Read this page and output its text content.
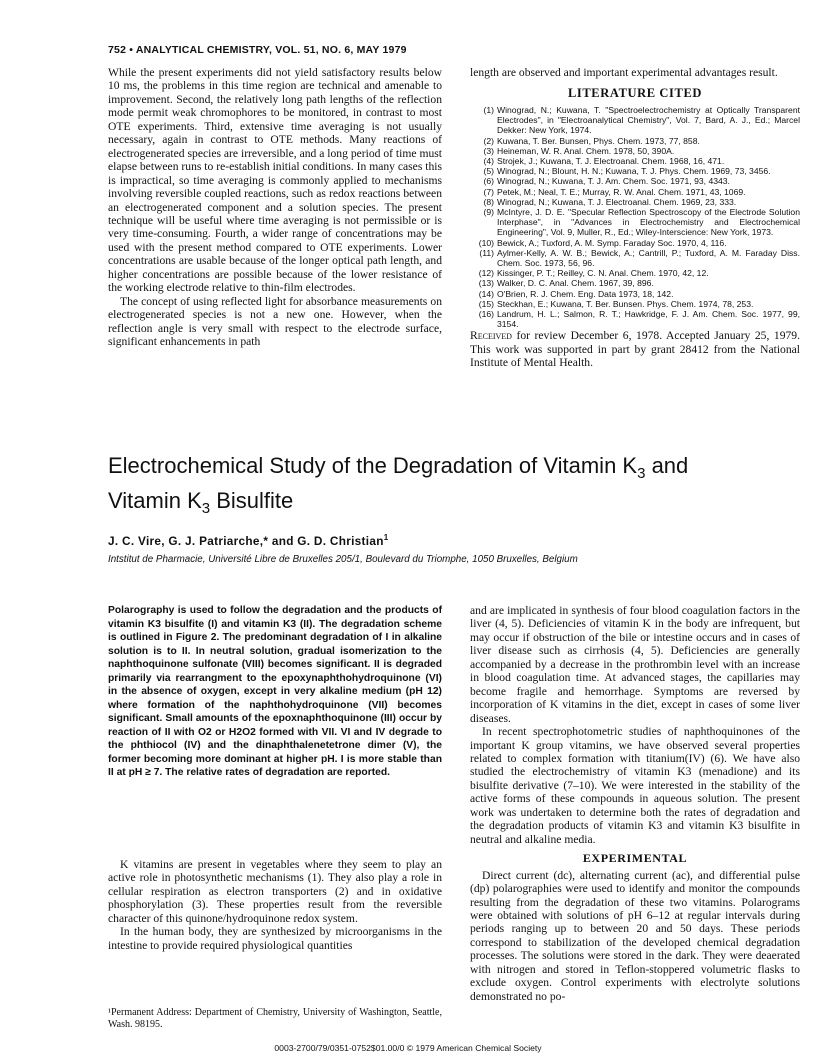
752 • ANALYTICAL CHEMISTRY, VOL. 51, NO. 6, MAY 1979

While the present experiments did not yield satisfactory results below 10 ms, the problems in this time region are technical and amenable to improvement. Second, the relatively long path lengths of the reflection mode permit weak chromophores to be monitored, in contrast to most OTE experiments. Third, extensive time averaging is not usually necessary, again in contrast to OTE methods. Many reactions of electrogenerated species are irreversible, and a long period of time must elapse between runs to re-establish initial conditions. In many cases this is impractical, so time averaging is commonly applied to mechanisms involving reversible coupled reactions, such as redox reactions between an electrogenerated component and a solution species. The present technique will be useful where time averaging is not permissible or is very time-consuming. Fourth, a wider range of concentrations may be used with the present method compared to OTE experiments. Lower concentrations are usable because of the longer optical path length, and higher concentrations are possible because of the lower resistance of the working electrode relative to thin-film electrodes.

The concept of using reflected light for absorbance measurements on electrogenerated species is not a new one. However, when the reflection angle is very small with respect to the electrode surface, significant enhancements in path

length are observed and important experimental advantages result.

LITERATURE CITED
(1) Winograd, N.; Kuwana, T. "Spectroelectrochemistry at Optically Transparent Electrodes", in "Electroanalytical Chemistry", Vol. 7, Bard, A. J., Ed.; Marcel Dekker: New York, 1974.
(2) Kuwana, T. Ber. Bunsen, Phys. Chem. 1973, 77, 858.
(3) Heineman, W. R. Anal. Chem. 1978, 50, 390A.
(4) Strojek, J.; Kuwana, T. J. Electroanal. Chem. 1968, 16, 471.
(5) Winograd, N.; Blount, H. N.; Kuwana, T. J. Phys. Chem. 1969, 73, 3456.
(6) Winograd, N.; Kuwana, T. J. Am. Chem. Soc. 1971, 93, 4343.
(7) Petek, M.; Neal, T. E.; Murray, R. W. Anal. Chem. 1971, 43, 1069.
(8) Winograd, N.; Kuwana, T. J. Electroanal. Chem. 1969, 23, 333.
(9) McIntyre, J. D. E. "Specular Reflection Spectroscopy of the Electrode Solution Interphase", in "Advances in Electrochemistry and Electrochemical Engineering", Vol. 9, Muller, R., Ed.; Wiley-Interscience: New York, 1973.
(10) Bewick, A.; Tuxford, A. M. Symp. Faraday Soc. 1970, 4, 116.
(11) Aylmer-Kelly, A. W. B.; Bewick, A.; Cantrill, P.; Tuxford, A. M. Faraday Diss. Chem. Soc. 1973, 56, 96.
(12) Kissinger, P. T.; Reilley, C. N. Anal. Chem. 1970, 42, 12.
(13) Walker, D. C. Anal. Chem. 1967, 39, 896.
(14) O'Brien, R. J. Chem. Eng. Data 1973, 18, 142.
(15) Steckhan, E.; Kuwana, T. Ber. Bunsen. Phys. Chem. 1974, 78, 253.
(16) Landrum, H. L.; Salmon, R. T.; Hawkridge, F. J. Am. Chem. Soc. 1977, 99, 3154.

Received for review December 6, 1978. Accepted January 25, 1979. This work was supported in part by grant 28412 from the National Institute of Mental Health.

Electrochemical Study of the Degradation of Vitamin $K_3$ and
Vitamin $K_3$ Bisulfite
J. C. Vire, G. J. Patriarche,* and G. D. Christian$^1$
Intstitut de Pharmacie, Université Libre de Bruxelles 205/1, Boulevard du Triomphe, 1050 Bruxelles, Belgium
Polarography is used to follow the degradation and the products of vitamin K3 bisulfite (I) and vitamin K3 (II). The degradation scheme is outlined in Figure 2. The predominant degradation of I in alkaline solution is to II. In neutral solution, gradual isomerization to the naphthoquinone sulfonate (VIII) becomes significant. II is degraded primarily via rearrangment to the epoxynaphthohydroquinone (VI) in the absence of oxygen, except in very alkaline medium (pH 12) where formation of the naphthohydroquinone (VII) becomes significant. Small amounts of the epoxnaphthoquinone (III) occur by reaction of II with O2 or H2O2 formed with VII. VI and IV degrade to the phthiocol (IV) and the dinaphthalenetetrone dimer (V), the former becoming more dominant at higher pH. I is more stable than II at pH ≥ 7. The relative rates of degradation are reported.

K vitamins are present in vegetables where they seem to play an active role in photosynthetic mechanisms (1). They also play a role in cellular respiration as electron transporters (2) and in oxidative phosphorylation (3). These properties result from the reversible character of this quinone/hydroquinone redox system.

In the human body, they are synthesized by microorganisms in the intestine to provide required physiological quantities

¹Permanent Address: Department of Chemistry, University of Washington, Seattle, Wash. 98195.

and are implicated in synthesis of four blood coagulation factors in the liver (4, 5). Deficiencies of vitamin K in the body are infrequent, but may occur if obstruction of the bile or intestine occurs and in cases of liver disease such as cirrhosis (4, 5). Deficiencies are generally accompanied by a decrease in the prothrombin level with an increase in blood coagulation time. At advanced stages, the capillaries may become fragile and hemorrhage. Symptoms are reversed by incorporation of K vitamins in the diet, except in cases of some liver diseases.

In recent spectrophotometric studies of naphthoquinones of the important K group vitamins, we have observed several properties related to complex formation with titanium(IV) (6). We have also studied the electrochemistry of vitamin K3 (menadione) and its bisulfite derivative (7–10). We were interested in the stability of the active forms of these compounds in aqueous solution. The present work was undertaken to determine both the rates of degradation and the degradation products of vitamin K3 and vitamin K3 bisulfite in neutral and alkaline media.

EXPERIMENTAL

Direct current (dc), alternating current (ac), and differential pulse (dp) polarographies were used to identify and monitor the compounds resulting from the degradation of these two vitamins. Polarograms were obtained with solutions of pH 6–12 at regular intervals during periods ranging up to between 20 and 50 days. These periods correspond to stabilization of the developed chemical degradation processes. The solutions were stored in the dark. They were deaerated with nitrogen and stored in Teflon-stoppered volumetric flasks to exclude oxygen. Control experiments with electrolyte solutions demonstrated no po-

0003-2700/79/0351-0752$01.00/0 © 1979 American Chemical Society
